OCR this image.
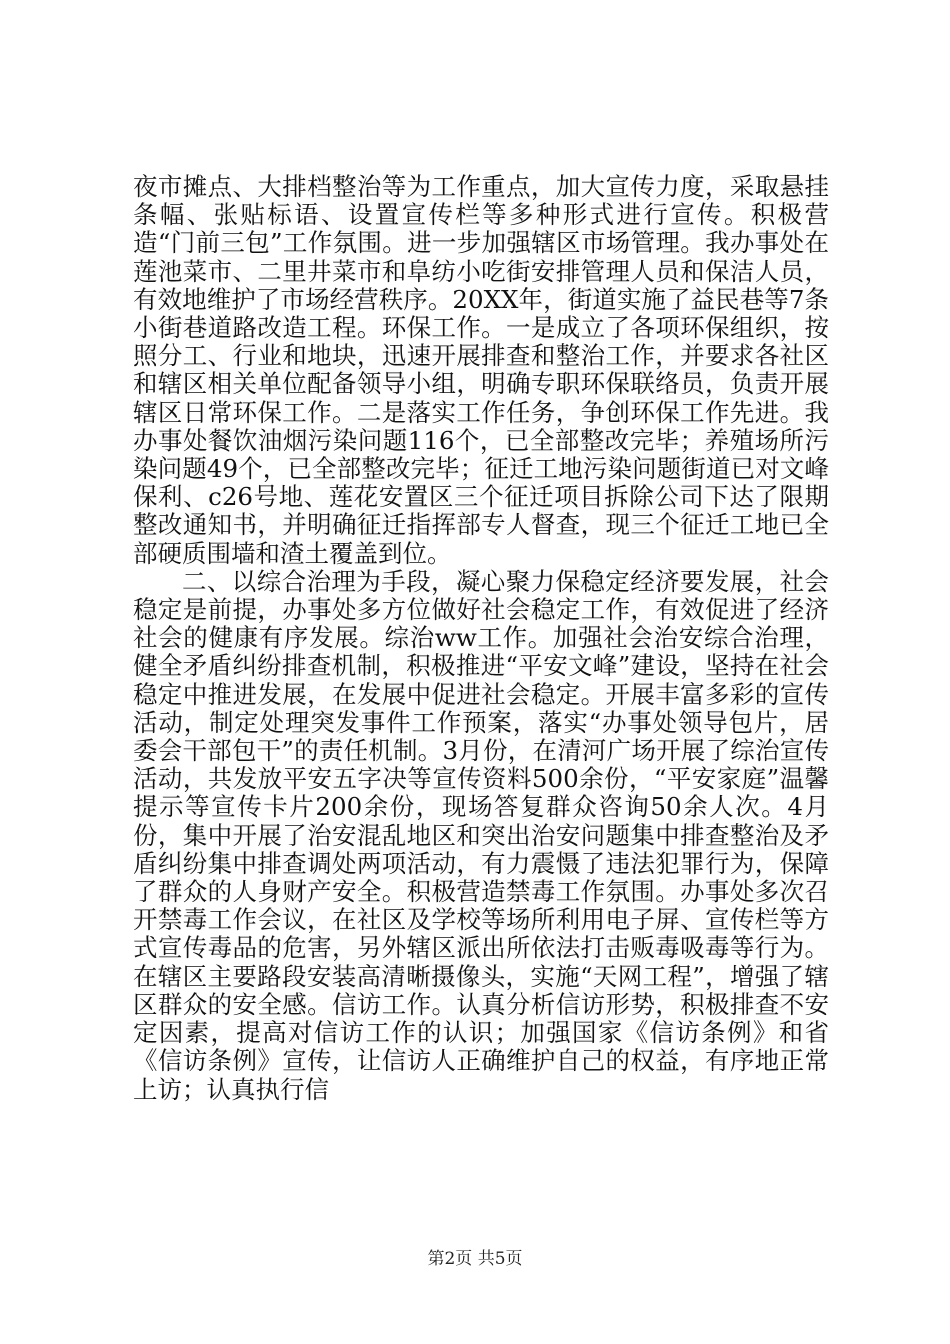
夜市摊点、大排档整治等为工作重点，加大宣传力度，采取悬挂条幅、张贴标语、设置宣传栏等多种形式进行宣传。积极营造“门前三包”工作氛围。进一步加强辖区市场管理。我办事处在莲池菜市、二里井菜市和阜纺小吃街安排管理人员和保洁人员，有效地维护了市场经营秩序。20XX年，街道实施了益民巷等7条小街巷道路改造工程。环保工作。一是成立了各项环保组织，按照分工、行业和地块，迅速开展排查和整治工作，并要求各社区和辖区相关单位配备领导小组，明确专职环保联络员，负责开展辖区日常环保工作。二是落实工作任务，争创环保工作先进。我办事处餐饮油烟污染问题116个，已全部整改完毕；养殖场所污染问题49个，已全部整改完毕；征迁工地污染问题街道已对文峰保利、c26号地、莲花安置区三个征迁项目拆除公司下达了限期整改通知书，并明确征迁指挥部专人督查，现三个征迁工地已全部硬质围墙和渣土覆盖到位。

二、以综合治理为手段，凝心聚力保稳定经济要发展，社会稳定是前提，办事处多方位做好社会稳定工作，有效促进了经济社会的健康有序发展。综治ww工作。加强社会治安综合治理，健全矛盾纠纷排查机制，积极推进“平安文峰”建设，坚持在社会稳定中推进发展，在发展中促进社会稳定。开展丰富多彩的宣传活动，制定处理突发事件工作预案，落实“办事处领导包片，居委会干部包干”的责任机制。3月份，在清河广场开展了综治宣传活动，共发放平安五字决等宣传资料500余份，“平安家庭”温馨提示等宣传卡片200余份，现场答复群众咨询50余人次。4月份，集中开展了治安混乱地区和突出治安问题集中排查整治及矛盾纠纷集中排查调处两项活动，有力震慑了违法犯罪行为，保障了群众的人身财产安全。积极营造禁毒工作氛围。办事处多次召开禁毒工作会议，在社区及学校等场所利用电子屏、宣传栏等方式宣传毒品的危害，另外辖区派出所依法打击贩毒吸毒等行为。在辖区主要路段安装高清晰摄像头，实施“天网工程”，增强了辖区群众的安全感。信访工作。认真分析信访形势，积极排查不安定因素，提高对信访工作的认识；加强国家《信访条例》和省《信访条例》宣传，让信访人正确维护自己的权益，有序地正常上访；认真执行信

第2页 共5页
